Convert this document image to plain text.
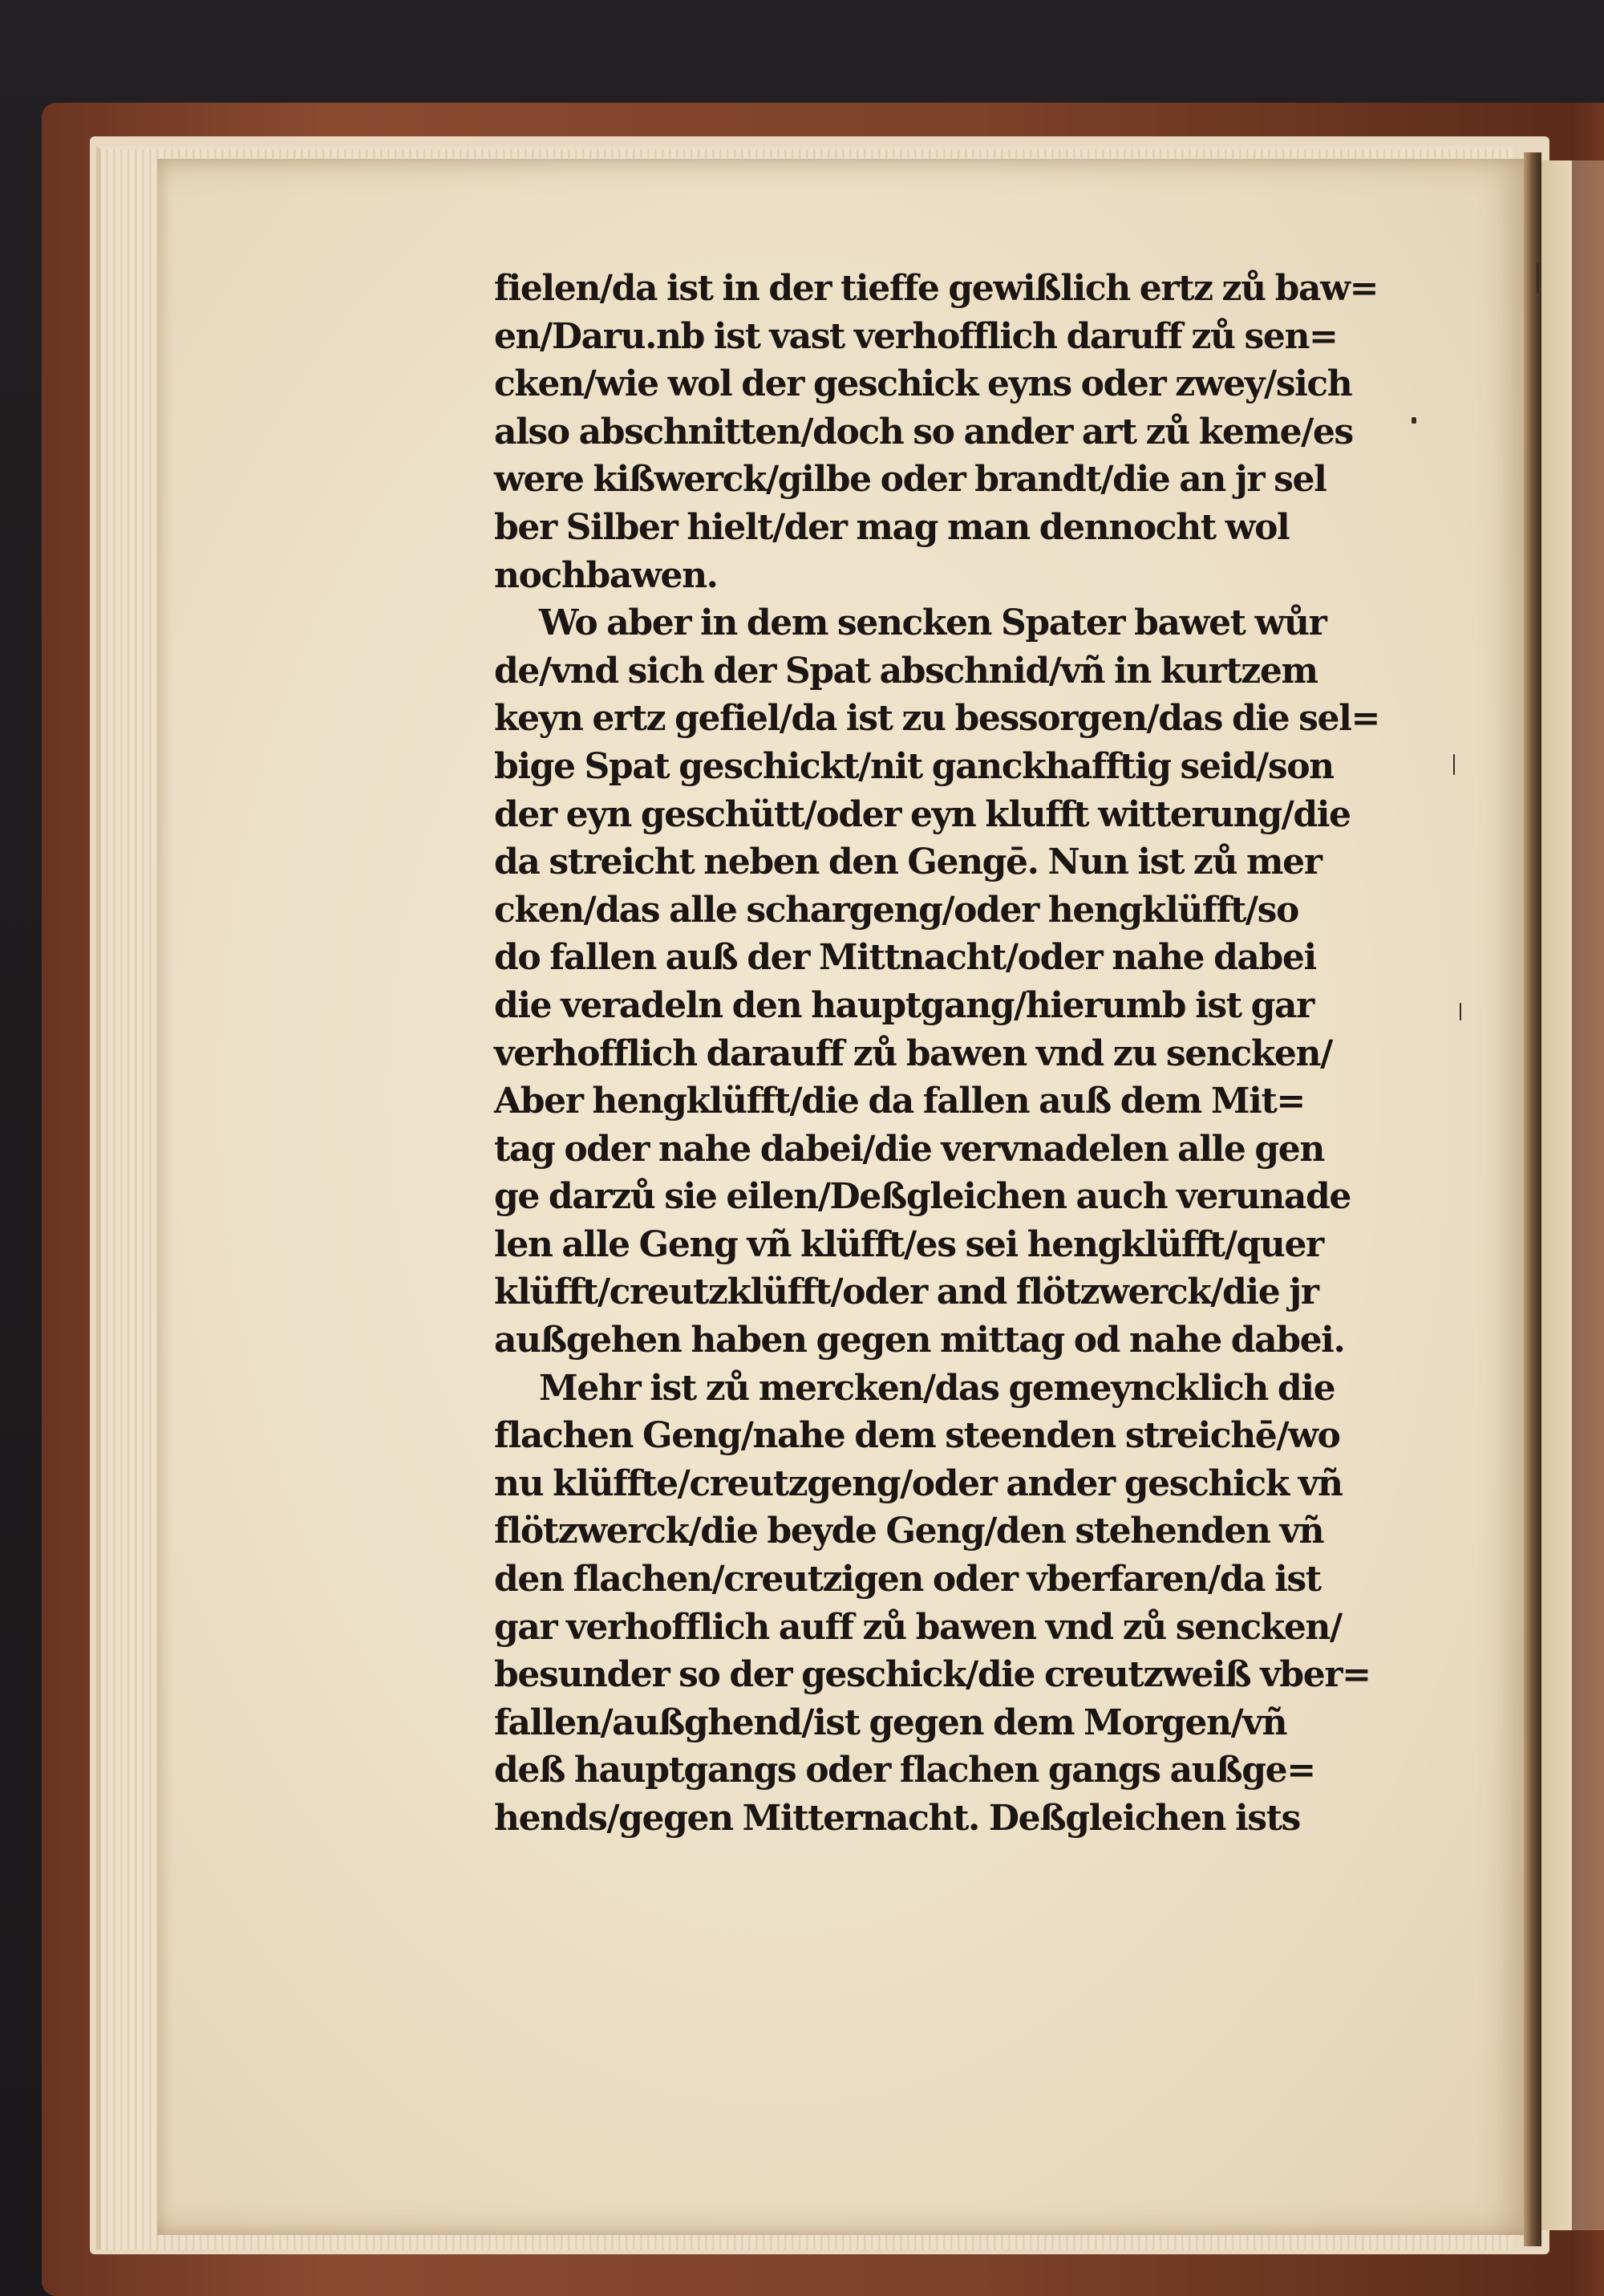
fielen/da ist in der tieffe gewißlich ertz zů baw=
en/Daru.nb ist vast verhofflich daruff zů sen=
cken/wie wol der geschick eyns oder zwey/sich
also abschnitten/doch so ander art zů keme/es
were kißwerck/gilbe oder brandt/die an jr sel
ber Silber hielt/der mag man dennocht wol
nochbawen.
Wo aber in dem sencken Spater bawet wůr
de/vnd sich der Spat abschnid/vñ in kurtzem
keyn ertz gefiel/da ist zu bessorgen/das die sel=
bige Spat geschickt/nit ganckhafftig seid/son
der eyn geschütt/oder eyn klufft witterung/die
da streicht neben den Gengē. Nun ist zů mer
cken/das alle schargeng/oder hengklüfft/so
do fallen auß der Mittnacht/oder nahe dabei
die veradeln den hauptgang/hierumb ist gar
verhofflich darauff zů bawen vnd zu sencken/
Aber hengklüfft/die da fallen auß dem Mit=
tag oder nahe dabei/die vervnadelen alle gen
ge darzů sie eilen/Deßgleichen auch verunade
len alle Geng vñ klüfft/es sei hengklüfft/quer
klüfft/creutzklüfft/oder and flötzwerck/die jr
außgehen haben gegen mittag od nahe dabei.
Mehr ist zů mercken/das gemeyncklich die
flachen Geng/nahe dem steenden streichē/wo
nu klüffte/creutzgeng/oder ander geschick vñ
flötzwerck/die beyde Geng/den stehenden vñ
den flachen/creutzigen oder vberfaren/da ist
gar verhofflich auff zů bawen vnd zů sencken/
besunder so der geschick/die creutzweiß vber=
fallen/außghend/ist gegen dem Morgen/vñ
deß hauptgangs oder flachen gangs außge=
hends/gegen Mitternacht. Deßgleichen ists
